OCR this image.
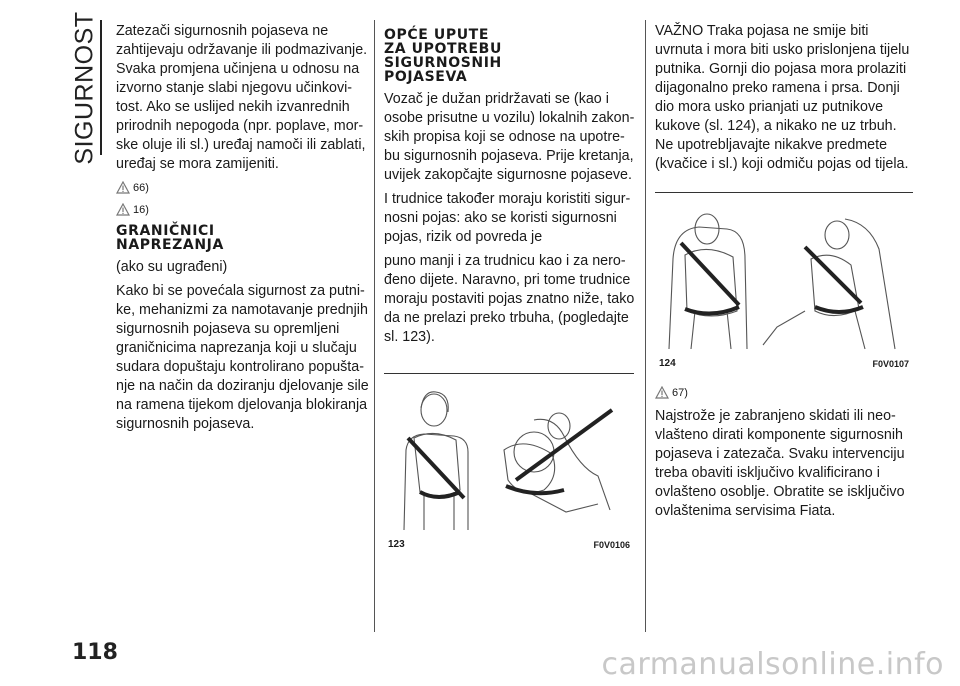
SIGURNOST Zatezači sigurnosnih pojaseva ne
zahtijevaju održavanje ili podmazivanje.
Svaka promjena učinjena u odnosu na
izvorno stanje slabi njegovu učinkovi-
tost. Ako se uslijed nekih izvanrednih
prirodnih nepogoda (npr. poplave, mor-
ske oluje ili sl.) uređaj namoči ili zablati,
uređaj se mora zamijeniti.

66)
16)
GRANIČNICI
NAPREZANJA

(ako su ugrađeni)

Kako bi se povećala sigurnost za putni-
ke, mehanizmi za namotavanje prednjih
sigurnosnih pojaseva su opremljeni
graničnicima naprezanja koji u slučaju
sudara dopuštaju kontrolirano popušta-
nje na način da doziranju djelovanje sile
na ramena tijekom djelovanja blokiranja
sigurnosnih pojaseva.

OPĆE UPUTE
ZA UPOTREBU
SIGURNOSNIH
POJASEVA

Vozač je dužan pridržavati se (kao i
osobe prisutne u vozilu) lokalnih zakon-
skih propisa koji se odnose na upotre-
bu sigurnosnih pojaseva. Prije kretanja,
uvijek zakopčajte sigurnosne pojaseve.

I trudnice također moraju koristiti sigur-
nosni pojas: ako se koristi sigurnosni
pojas, rizik od povreda je

puno manji i za trudnicu kao i za nero-
đeno dijete. Naravno, pri tome trudnice
moraju postaviti pojas znatno niže, tako
da ne prelazi preko trbuha, (pogledajte
sl. 123).

123	F0V0106

VAŽNO Traka pojasa ne smije biti
uvrnuta i mora biti usko prislonjena tijelu
putnika. Gornji dio pojasa mora prolaziti
dijagonalno preko ramena i prsa. Donji
dio mora usko prianjati uz putnikove
kukove (sl. 124), a nikako ne uz trbuh.
Ne upotrebljavajte nikakve predmete
(kvačice i sl.) koji odmiču pojas od tijela.

124	F0V0107
67)

Najstrože je zabranjeno skidati ili neo-
vlašteno dirati komponente sigurnosnih
pojaseva i zatezača. Svaku intervenciju
treba obaviti isključivo kvalificirano i
ovlašteno osoblje. Obratite se isključivo
ovlaštenima servisima Fiata.

118	carmanualsonline.info
